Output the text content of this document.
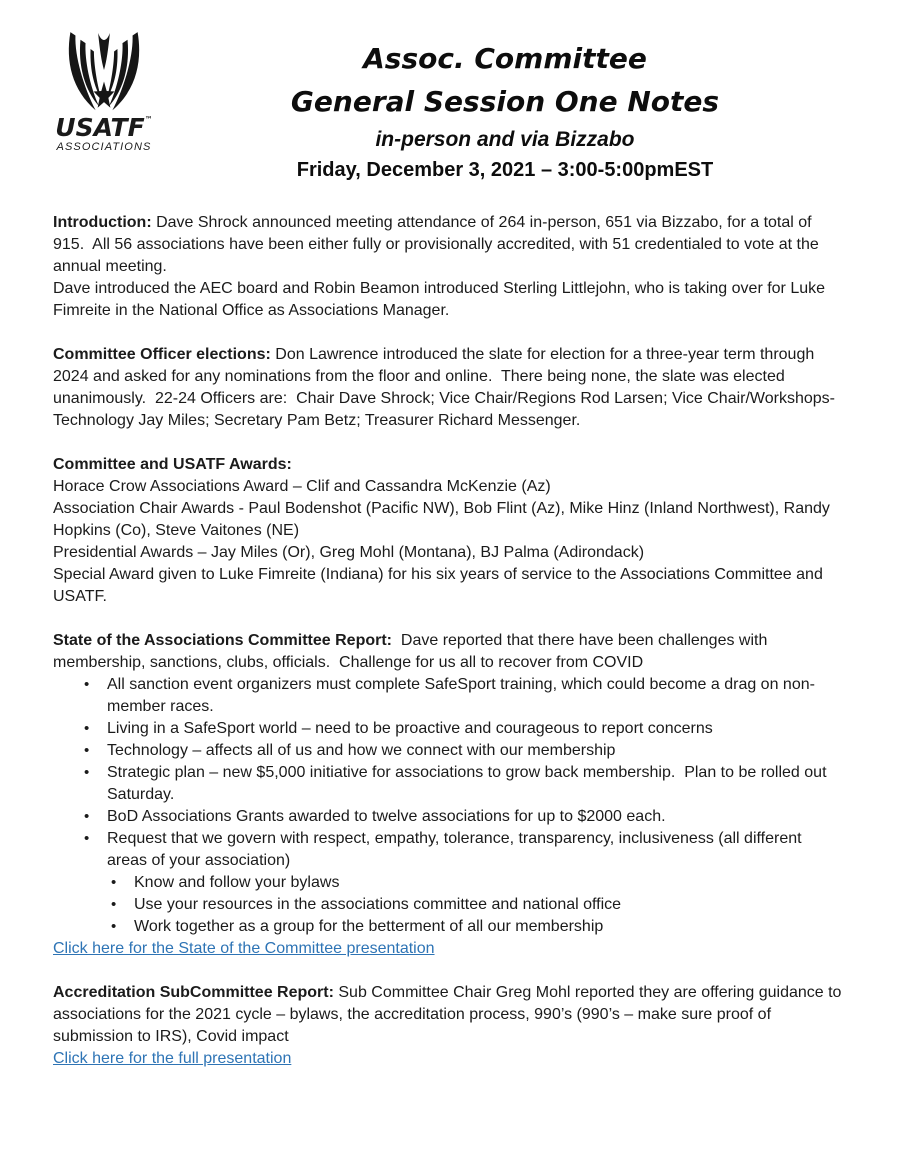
USATF™
ASSOCIATIONS
Assoc. Committee
General Session One Notes
in-person and via Bizzabo
Friday, December 3, 2021 – 3:00-5:00pmEST
Introduction: Dave Shrock announced meeting attendance of 264 in-person, 651 via Bizzabo, for a total of
915.  All 56 associations have been either fully or provisionally accredited, with 51 credentialed to vote at the
annual meeting.
Dave introduced the AEC board and Robin Beamon introduced Sterling Littlejohn, who is taking over for Luke
Fimreite in the National Office as Associations Manager.
Committee Officer elections: Don Lawrence introduced the slate for election for a three-year term through
2024 and asked for any nominations from the floor and online.  There being none, the slate was elected
unanimously.  22-24 Officers are:  Chair Dave Shrock; Vice Chair/Regions Rod Larsen; Vice Chair/Workshops-
Technology Jay Miles; Secretary Pam Betz; Treasurer Richard Messenger.
Committee and USATF Awards:
Horace Crow Associations Award – Clif and Cassandra McKenzie (Az)
Association Chair Awards - Paul Bodenshot (Pacific NW), Bob Flint (Az), Mike Hinz (Inland Northwest), Randy
Hopkins (Co), Steve Vaitones (NE)
Presidential Awards – Jay Miles (Or), Greg Mohl (Montana), BJ Palma (Adirondack)
Special Award given to Luke Fimreite (Indiana) for his six years of service to the Associations Committee and
USATF.
State of the Associations Committee Report:  Dave reported that there have been challenges with
membership, sanctions, clubs, officials.  Challenge for us all to recover from COVID
• All sanction event organizers must complete SafeSport training, which could become a drag on non-
member races.
• Living in a SafeSport world – need to be proactive and courageous to report concerns
• Technology – affects all of us and how we connect with our membership
• Strategic plan – new $5,000 initiative for associations to grow back membership.  Plan to be rolled out
Saturday.
• BoD Associations Grants awarded to twelve associations for up to $2000 each.
• Request that we govern with respect, empathy, tolerance, transparency, inclusiveness (all different
areas of your association)
• Know and follow your bylaws
• Use your resources in the associations committee and national office
• Work together as a group for the betterment of all our membership
Click here for the State of the Committee presentation
Accreditation SubCommittee Report: Sub Committee Chair Greg Mohl reported they are offering guidance to
associations for the 2021 cycle – bylaws, the accreditation process, 990’s (990’s – make sure proof of
submission to IRS), Covid impact
Click here for the full presentation
